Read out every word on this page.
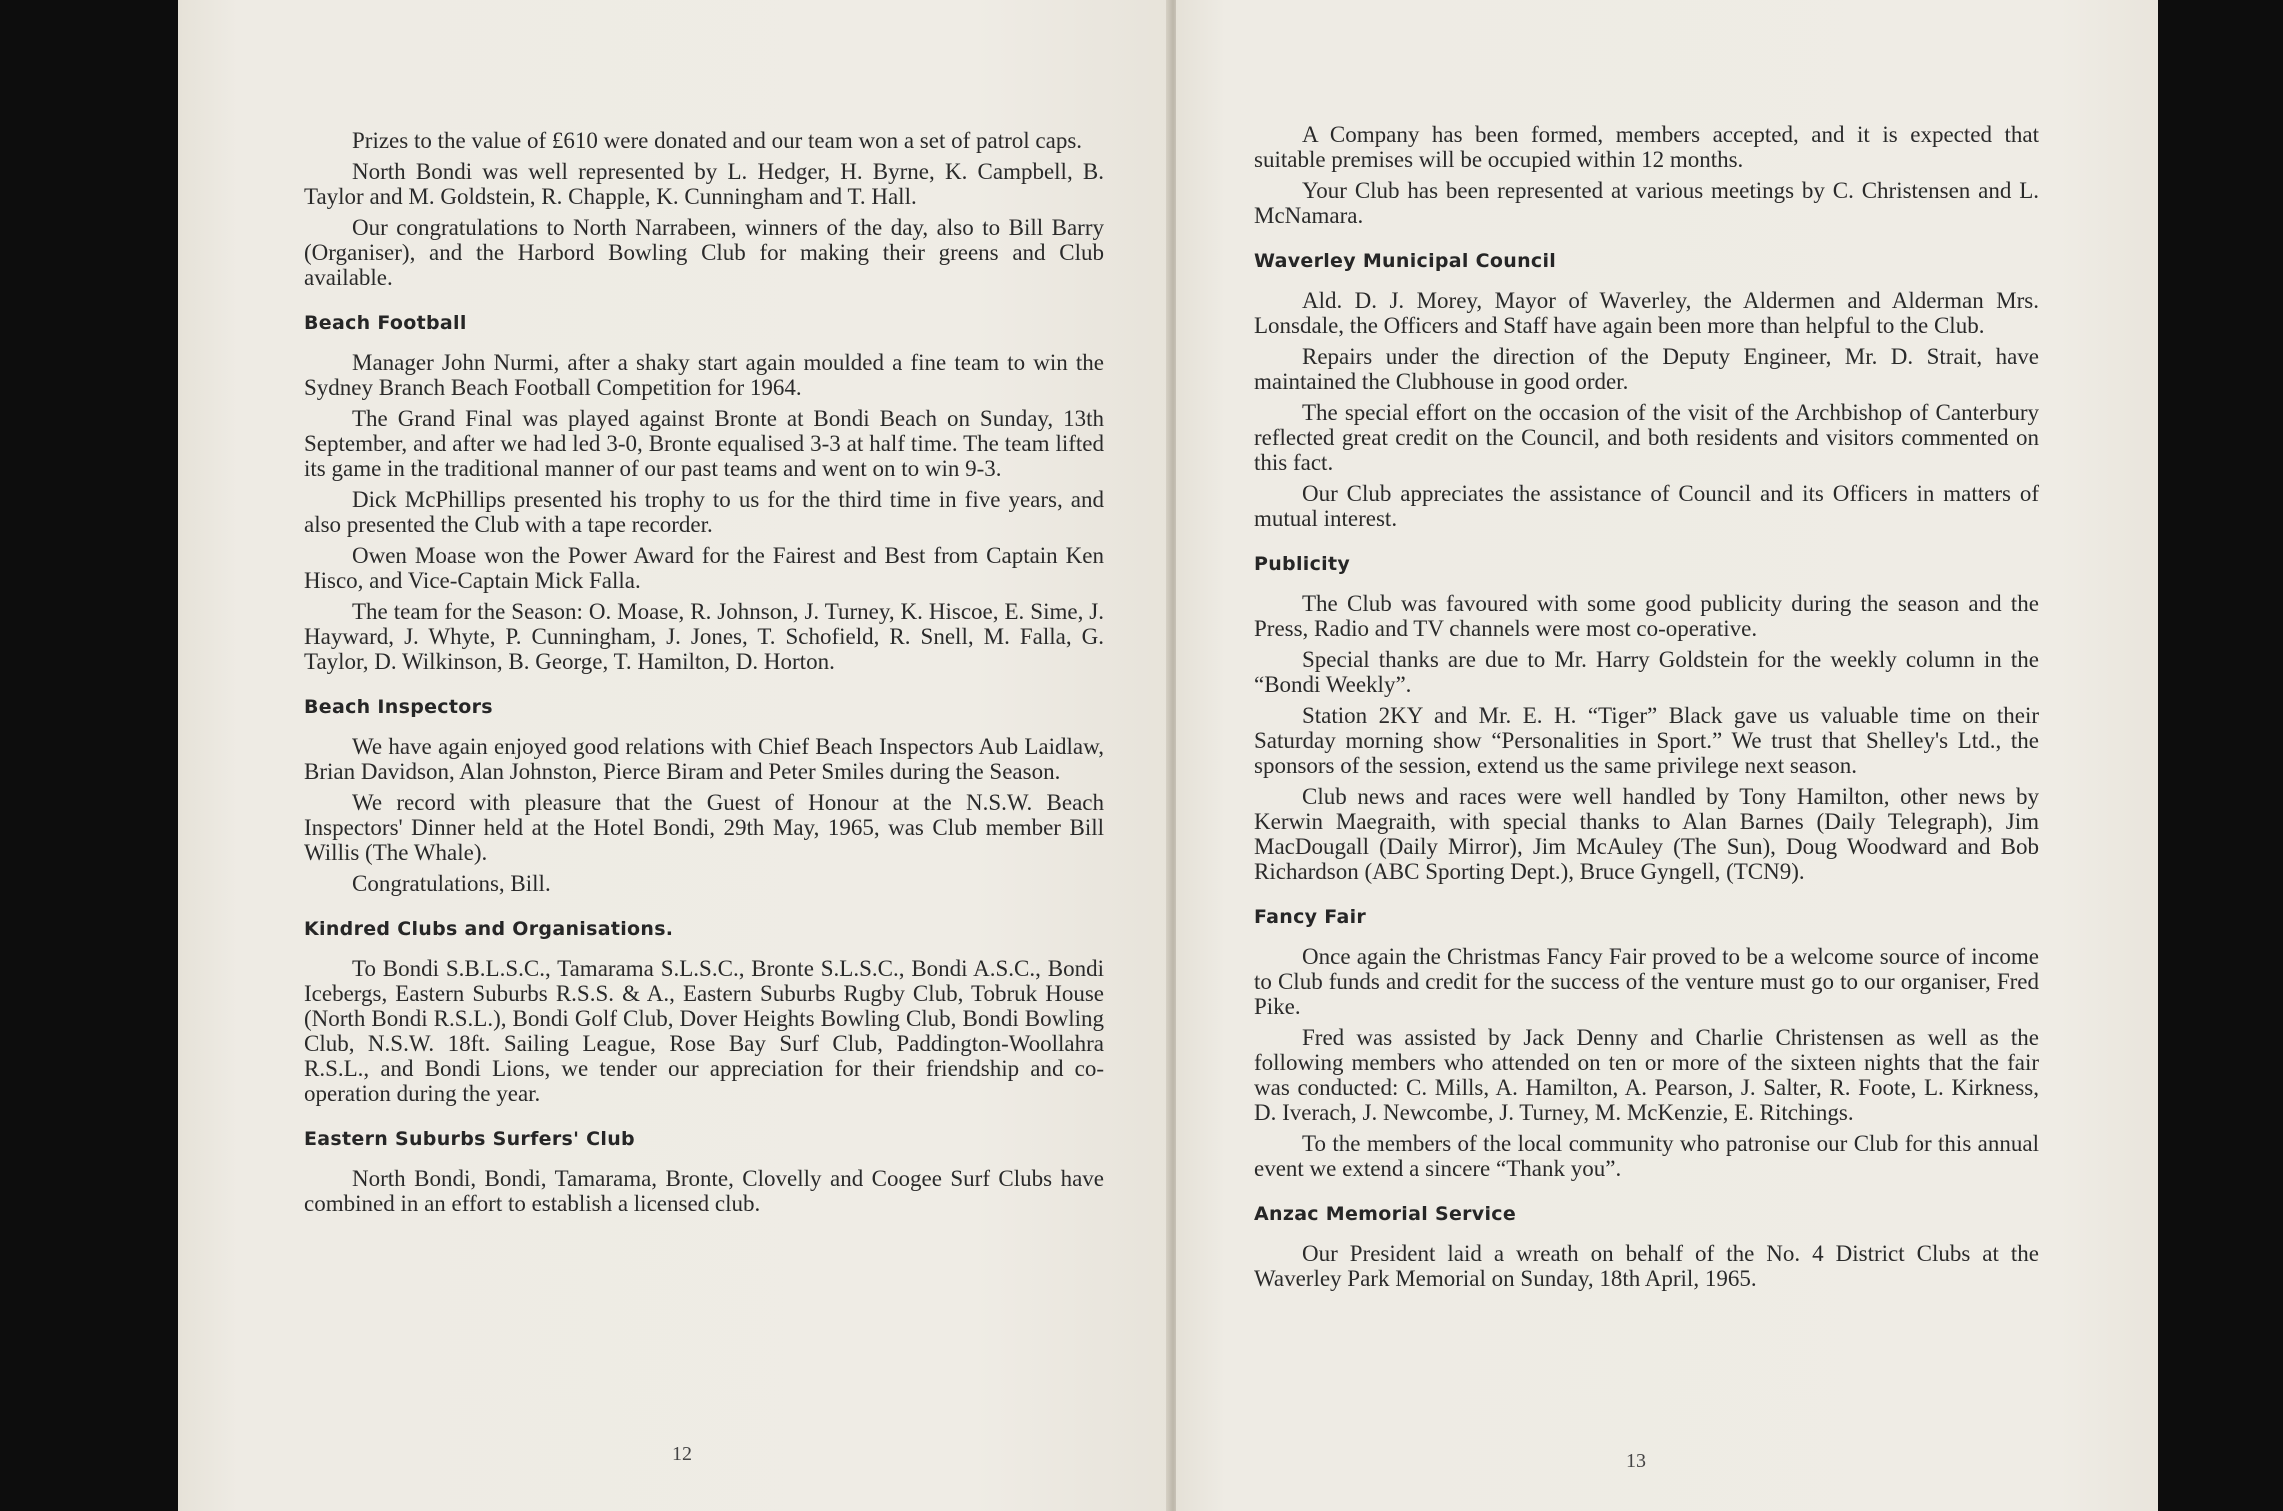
Prizes to the value of £610 were donated and our team won a set of patrol caps.

North Bondi was well represented by L. Hedger, H. Byrne, K. Campbell, B. Taylor and M. Goldstein, R. Chapple, K. Cunningham and T. Hall.

Our congratulations to North Narrabeen, winners of the day, also to Bill Barry (Organiser), and the Harbord Bowling Club for making their greens and Club available.

Beach Football

Manager John Nurmi, after a shaky start again moulded a fine team to win the Sydney Branch Beach Football Competition for 1964.

The Grand Final was played against Bronte at Bondi Beach on Sunday, 13th September, and after we had led 3-0, Bronte equalised 3-3 at half time. The team lifted its game in the traditional manner of our past teams and went on to win 9-3.

Dick McPhillips presented his trophy to us for the third time in five years, and also presented the Club with a tape recorder.

Owen Moase won the Power Award for the Fairest and Best from Captain Ken Hisco, and Vice-Captain Mick Falla.

The team for the Season: O. Moase, R. Johnson, J. Turney, K. Hiscoe, E. Sime, J. Hayward, J. Whyte, P. Cunningham, J. Jones, T. Schofield, R. Snell, M. Falla, G. Taylor, D. Wilkinson, B. George, T. Hamilton, D. Horton.

Beach Inspectors

We have again enjoyed good relations with Chief Beach Inspectors Aub Laidlaw, Brian Davidson, Alan Johnston, Pierce Biram and Peter Smiles during the Season.

We record with pleasure that the Guest of Honour at the N.S.W. Beach Inspectors' Dinner held at the Hotel Bondi, 29th May, 1965, was Club member Bill Willis (The Whale).

Congratulations, Bill.

Kindred Clubs and Organisations.

To Bondi S.B.L.S.C., Tamarama S.L.S.C., Bronte S.L.S.C., Bondi A.S.C., Bondi Icebergs, Eastern Suburbs R.S.S. & A., Eastern Suburbs Rugby Club, Tobruk House (North Bondi R.S.L.), Bondi Golf Club, Dover Heights Bowling Club, Bondi Bowling Club, N.S.W. 18ft. Sailing League, Rose Bay Surf Club, Paddington-Woollahra R.S.L., and Bondi Lions, we tender our appreciation for their friendship and co-operation during the year.

Eastern Suburbs Surfers' Club

North Bondi, Bondi, Tamarama, Bronte, Clovelly and Coogee Surf Clubs have combined in an effort to establish a licensed club.

12

A Company has been formed, members accepted, and it is expected that suitable premises will be occupied within 12 months.

Your Club has been represented at various meetings by C. Christensen and L. McNamara.

Waverley Municipal Council

Ald. D. J. Morey, Mayor of Waverley, the Aldermen and Alderman Mrs. Lonsdale, the Officers and Staff have again been more than helpful to the Club.

Repairs under the direction of the Deputy Engineer, Mr. D. Strait, have maintained the Clubhouse in good order.

The special effort on the occasion of the visit of the Archbishop of Canterbury reflected great credit on the Council, and both residents and visitors commented on this fact.

Our Club appreciates the assistance of Council and its Officers in matters of mutual interest.

Publicity

The Club was favoured with some good publicity during the season and the Press, Radio and TV channels were most co-operative.

Special thanks are due to Mr. Harry Goldstein for the weekly column in the “Bondi Weekly”.

Station 2KY and Mr. E. H. “Tiger” Black gave us valuable time on their Saturday morning show “Personalities in Sport.” We trust that Shelley's Ltd., the sponsors of the session, extend us the same privilege next season.

Club news and races were well handled by Tony Hamilton, other news by Kerwin Maegraith, with special thanks to Alan Barnes (Daily Telegraph), Jim MacDougall (Daily Mirror), Jim McAuley (The Sun), Doug Woodward and Bob Richardson (ABC Sporting Dept.), Bruce Gyngell, (TCN9).

Fancy Fair

Once again the Christmas Fancy Fair proved to be a welcome source of income to Club funds and credit for the success of the venture must go to our organiser, Fred Pike.

Fred was assisted by Jack Denny and Charlie Christensen as well as the following members who attended on ten or more of the sixteen nights that the fair was conducted: C. Mills, A. Hamilton, A. Pearson, J. Salter, R. Foote, L. Kirkness, D. Iverach, J. Newcombe, J. Turney, M. McKenzie, E. Ritchings.

To the members of the local community who patronise our Club for this annual event we extend a sincere “Thank you”.

Anzac Memorial Service

Our President laid a wreath on behalf of the No. 4 District Clubs at the Waverley Park Memorial on Sunday, 18th April, 1965.

13
